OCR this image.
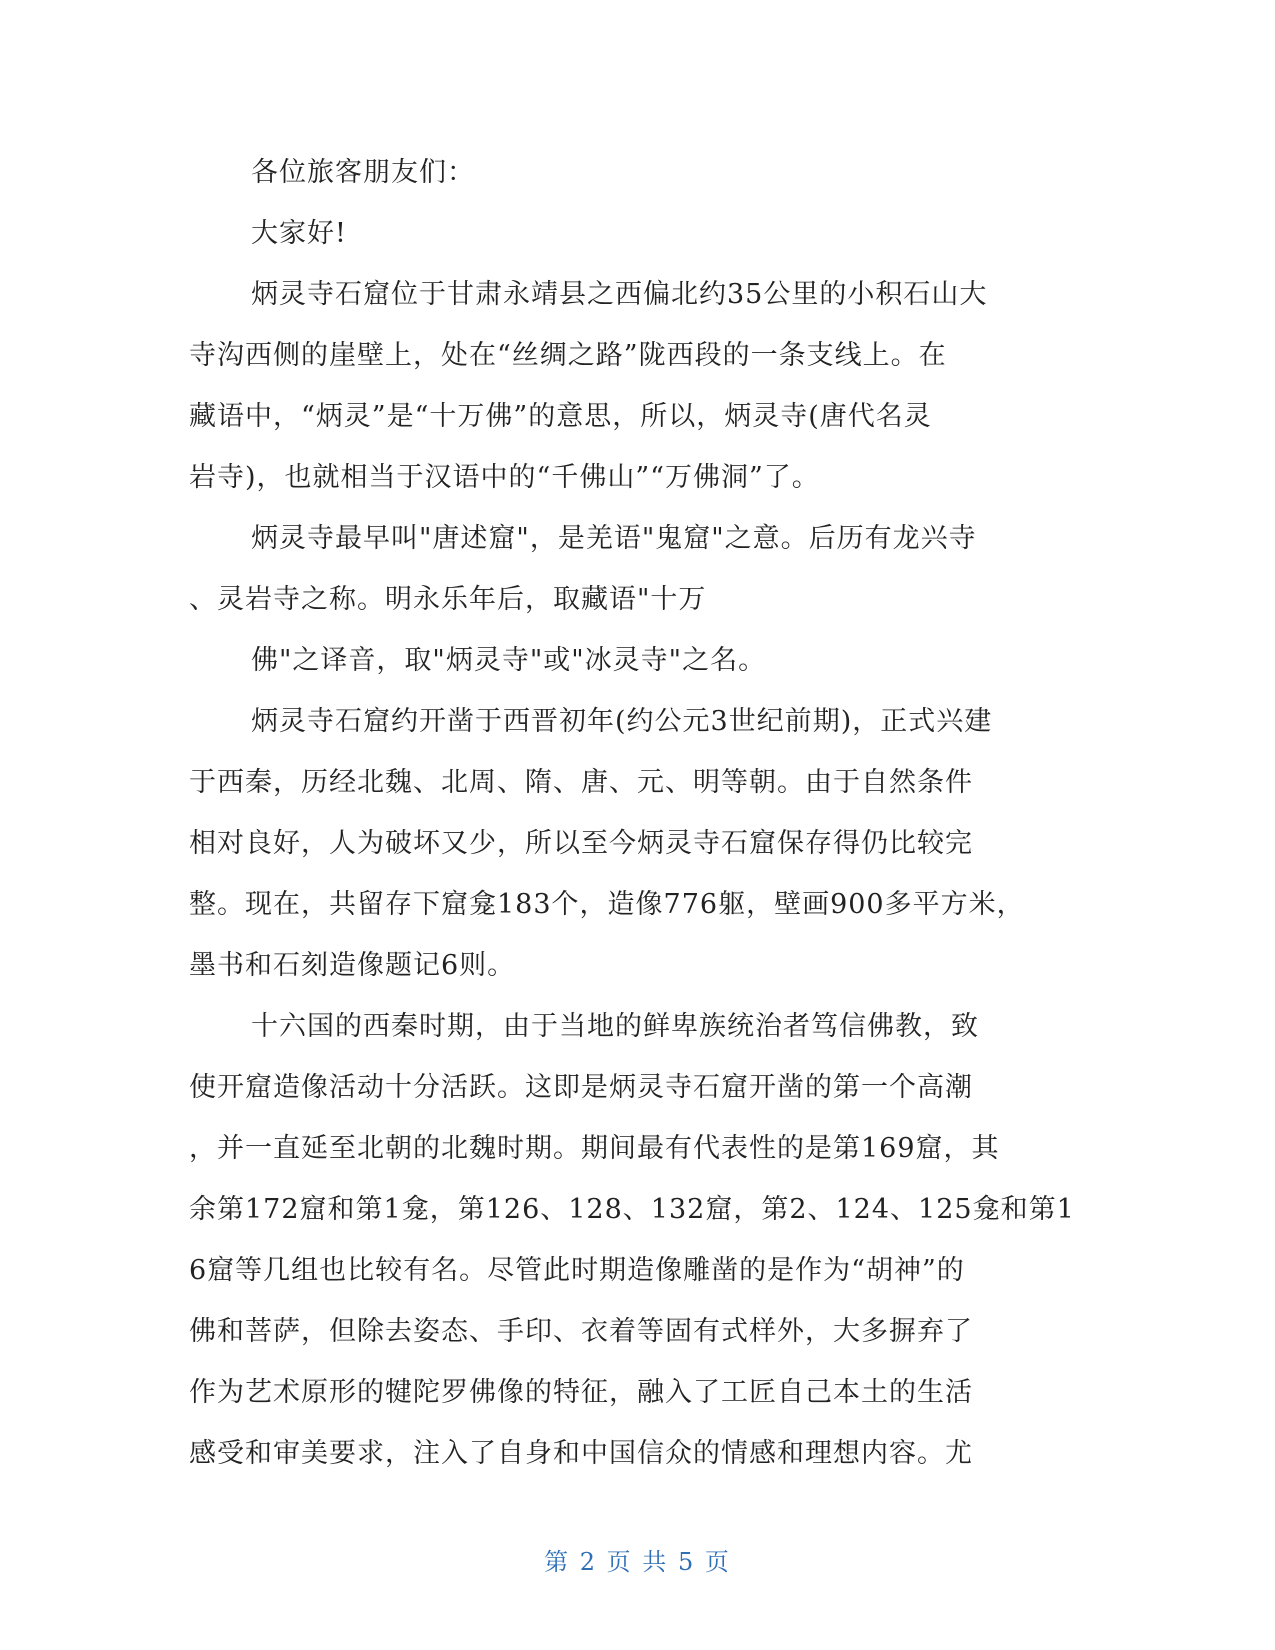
各位旅客朋友们：
大家好!
炳灵寺石窟位于甘肃永靖县之西偏北约35公里的小积石山大
寺沟西侧的崖壁上，处在“丝绸之路”陇西段的一条支线上。在
藏语中，“炳灵”是“十万佛”的意思，所以，炳灵寺(唐代名灵
岩寺)，也就相当于汉语中的“千佛山”“万佛洞”了。
炳灵寺最早叫"唐述窟"，是羌语"鬼窟"之意。后历有龙兴寺
、灵岩寺之称。明永乐年后，取藏语"十万
佛"之译音，取"炳灵寺"或"冰灵寺"之名。
炳灵寺石窟约开凿于西晋初年(约公元3世纪前期)，正式兴建
于西秦，历经北魏、北周、隋、唐、元、明等朝。由于自然条件
相对良好，人为破坏又少，所以至今炳灵寺石窟保存得仍比较完
整。现在，共留存下窟龛183个，造像776躯，壁画900多平方米，
墨书和石刻造像题记6则。
十六国的西秦时期，由于当地的鲜卑族统治者笃信佛教，致
使开窟造像活动十分活跃。这即是炳灵寺石窟开凿的第一个高潮
，并一直延至北朝的北魏时期。期间最有代表性的是第169窟，其
余第172窟和第1龛，第126、128、132窟，第2、124、125龛和第1
6窟等几组也比较有名。尽管此时期造像雕凿的是作为“胡神”的
佛和菩萨，但除去姿态、手印、衣着等固有式样外，大多摒弃了
作为艺术原形的犍陀罗佛像的特征，融入了工匠自己本土的生活
感受和审美要求，注入了自身和中国信众的情感和理想内容。尤
第 2 页 共 5 页
